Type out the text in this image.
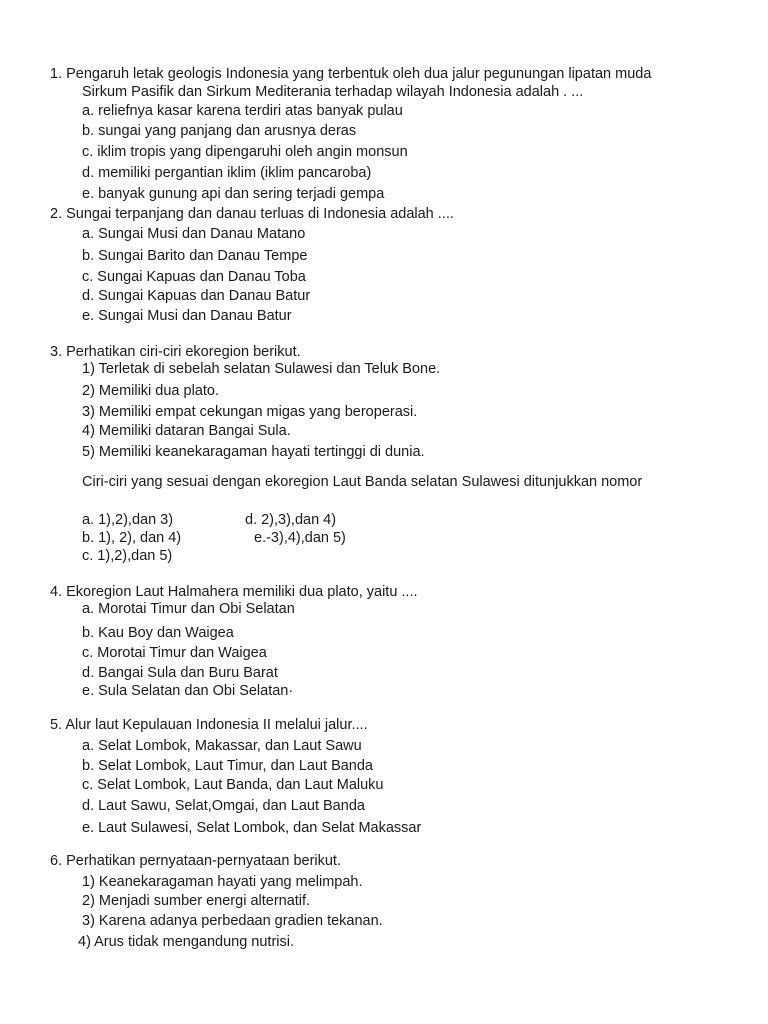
1. Pengaruh letak geologis Indonesia yang terbentuk oleh dua jalur pegunungan lipatan muda
Sirkum Pasifik dan Sirkum Mediterania terhadap wilayah Indonesia adalah . ...
a. reliefnya kasar karena terdiri atas banyak pulau
b. sungai yang panjang dan arusnya deras
c. iklim tropis yang dipengaruhi oleh angin monsun
d. memiliki pergantian iklim (iklim pancaroba)
e. banyak gunung api dan sering terjadi gempa
2. Sungai terpanjang dan danau terluas di Indonesia adalah ....
a. Sungai Musi dan Danau Matano
b. Sungai Barito dan Danau Tempe
c. Sungai Kapuas dan Danau Toba
d. Sungai Kapuas dan Danau Batur
e. Sungai Musi dan Danau Batur
3. Perhatikan ciri-ciri ekoregion berikut.
1) Terletak di sebelah selatan Sulawesi dan Teluk Bone.
2) Memiliki dua plato.
3) Memiliki empat cekungan migas yang beroperasi.
4) Memiliki dataran Bangai Sula.
5) Memiliki keanekaragaman hayati tertinggi di dunia.
Ciri-ciri yang sesuai dengan ekoregion Laut Banda selatan Sulawesi ditunjukkan nomor
a. 1),2),dan 3)	d. 2),3),dan 4)
b. 1), 2), dan 4)	e.-3),4),dan 5)
c. 1),2),dan 5)
4. Ekoregion Laut Halmahera memiliki dua plato, yaitu ....
a. Morotai Timur dan Obi Selatan
b. Kau Boy dan Waigea
c. Morotai Timur dan Waigea
d. Bangai Sula dan Buru Barat
e. Sula Selatan dan Obi Selatan·
5. Alur laut Kepulauan Indonesia II melalui jalur....
a. Selat Lombok, Makassar, dan Laut Sawu
b. Selat Lombok, Laut Timur, dan Laut Banda
c. Selat Lombok, Laut Banda, dan Laut Maluku
d. Laut Sawu, Selat,Omgai, dan Laut Banda
e. Laut Sulawesi, Selat Lombok, dan Selat Makassar
6. Perhatikan pernyataan-pernyataan berikut.
1) Keanekaragaman hayati yang melimpah.
2) Menjadi sumber energi alternatif.
3) Karena adanya perbedaan gradien tekanan.
4) Arus tidak mengandung nutrisi.
